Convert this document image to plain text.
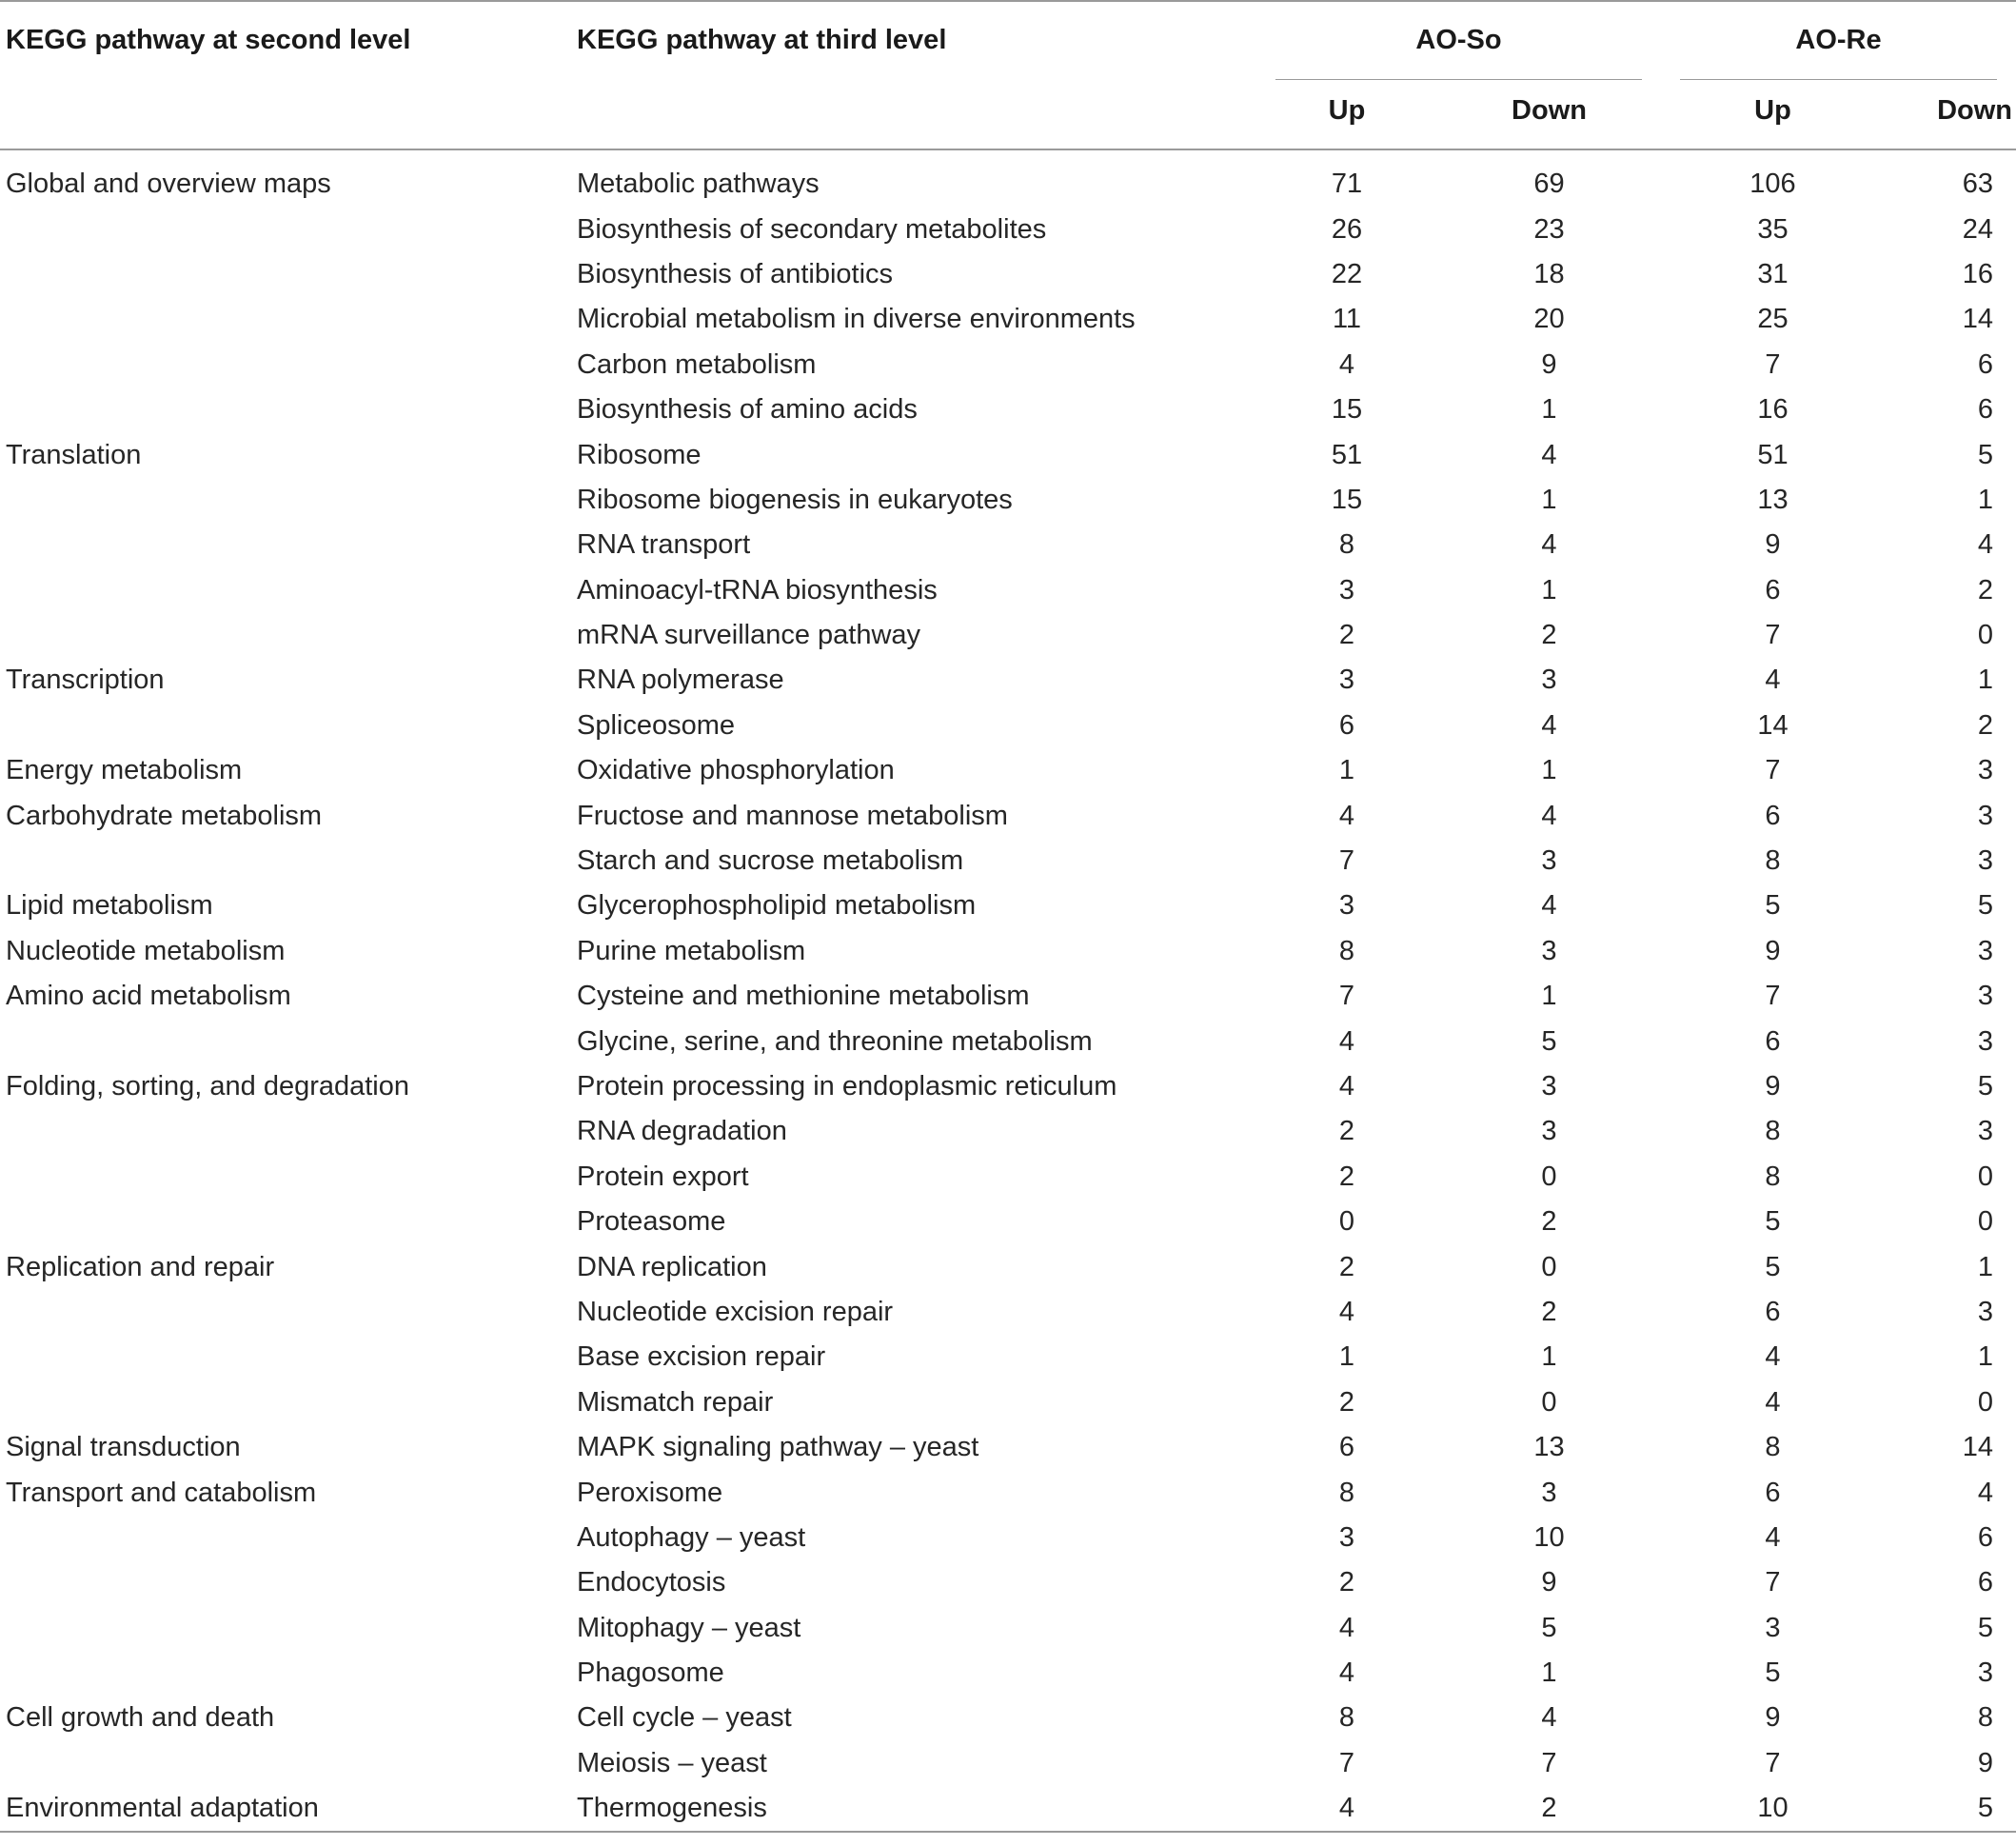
KEGG pathway at second level	KEGG pathway at third level	AO-So		AO-Re	

		Up	Down	Up	Down
Global and overview maps	Metabolic pathways	71	69	106	63
	Biosynthesis of secondary metabolites	26	23	35	24
	Biosynthesis of antibiotics	22	18	31	16
	Microbial metabolism in diverse environments	11	20	25	14
	Carbon metabolism	4	9	7	6
	Biosynthesis of amino acids	15	1	16	6
Translation	Ribosome	51	4	51	5
	Ribosome biogenesis in eukaryotes	15	1	13	1
	RNA transport	8	4	9	4
	Aminoacyl-tRNA biosynthesis	3	1	6	2
	mRNA surveillance pathway	2	2	7	0
Transcription	RNA polymerase	3	3	4	1
	Spliceosome	6	4	14	2
Energy metabolism	Oxidative phosphorylation	1	1	7	3
Carbohydrate metabolism	Fructose and mannose metabolism	4	4	6	3
	Starch and sucrose metabolism	7	3	8	3
Lipid metabolism	Glycerophospholipid metabolism	3	4	5	5
Nucleotide metabolism	Purine metabolism	8	3	9	3
Amino acid metabolism	Cysteine and methionine metabolism	7	1	7	3
	Glycine, serine, and threonine metabolism	4	5	6	3
Folding, sorting, and degradation	Protein processing in endoplasmic reticulum	4	3	9	5
	RNA degradation	2	3	8	3
	Protein export	2	0	8	0
	Proteasome	0	2	5	0
Replication and repair	DNA replication	2	0	5	1
	Nucleotide excision repair	4	2	6	3
	Base excision repair	1	1	4	1
	Mismatch repair	2	0	4	0
Signal transduction	MAPK signaling pathway – yeast	6	13	8	14
Transport and catabolism	Peroxisome	8	3	6	4
	Autophagy – yeast	3	10	4	6
	Endocytosis	2	9	7	6
	Mitophagy – yeast	4	5	3	5
	Phagosome	4	1	5	3
Cell growth and death	Cell cycle – yeast	8	4	9	8
	Meiosis – yeast	7	7	7	9
Environmental adaptation	Thermogenesis	4	2	10	5
